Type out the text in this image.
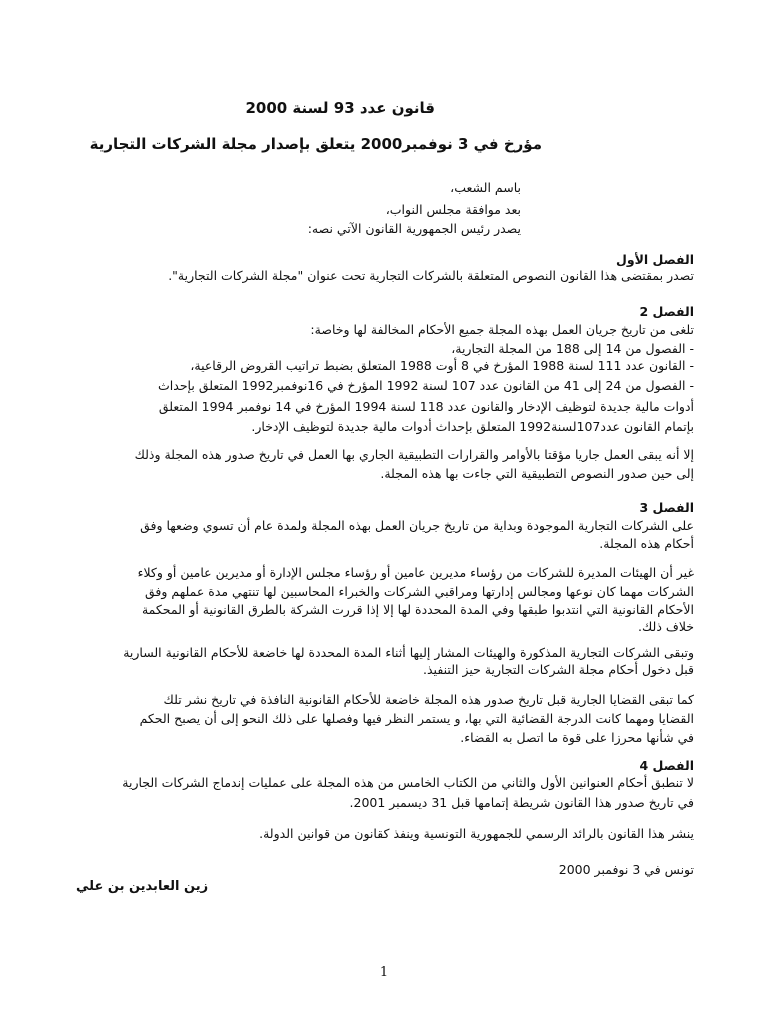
قانون عدد 93 لسنة 2000
مؤرخ في 3 نوفمبر2000 يتعلق بإصدار مجلة الشركات التجارية
باسم الشعب،
بعد موافقة مجلس النواب،
يصدر رئيس الجمهورية القانون الآتي نصه:
الفصل الأول
تصدر بمقتضى هذا القانون النصوص المتعلقة بالشركات التجارية تحت عنوان "مجلة الشركات التجارية".
الفصل 2
تلغى من تاريخ جريان العمل بهذه المجلة جميع الأحكام المخالفة لها وخاصة:
- الفصول من 14 إلى 188 من المجلة التجارية،
- القانون عدد 111 لسنة 1988 المؤرخ في 8 أوت 1988 المتعلق بضبط تراتيب القروض الرقاعية،
- الفصول من 24 إلى 41 من القانون عدد 107 لسنة 1992 المؤرخ في 16نوفمبر1992 المتعلق بإحداث
أدوات مالية جديدة لتوظيف الإدخار والقانون عدد 118 لسنة 1994 المؤرخ في 14 نوفمبر 1994 المتعلق
بإتمام القانون عدد107لسنة1992 المتعلق بإحداث أدوات مالية جديدة لتوظيف الإدخار.
إلا أنه يبقى العمل جاريا مؤقتا بالأوامر والقرارات التطبيقية الجاري بها العمل في تاريخ صدور هذه المجلة وذلك
إلى حين صدور النصوص التطبيقية التي جاءت بها هذه المجلة.
الفصل 3
على الشركات التجارية الموجودة وبداية من تاريخ جريان العمل بهذه المجلة ولمدة عام أن تسوي وضعها وفق
أحكام هذه المجلة.
غير أن الهيئات المديرة للشركات من رؤساء مديرين عامين أو رؤساء مجلس الإدارة أو مديرين عامين أو وكلاء
الشركات مهما كان نوعها ومجالس إدارتها ومراقبي الشركات والخبراء المحاسبين لها تنتهي مدة عملهم وفق
الأحكام القانونية التي انتدبوا طبقها وفي المدة المحددة لها إلا إذا قررت الشركة بالطرق القانونية أو المحكمة
خلاف ذلك.
وتبقى الشركات التجارية المذكورة والهيئات المشار إليها أثناء المدة المحددة لها خاضعة للأحكام القانونية السارية
قبل دخول أحكام مجلة الشركات التجارية حيز التنفيذ.
كما تبقى القضايا الجارية قبل تاريخ صدور هذه المجلة خاضعة للأحكام القانونية النافذة في تاريخ نشر تلك
القضايا ومهما كانت الدرجة القضائية التي بها، و يستمر النظر فيها وفصلها على ذلك النحو إلى أن يصبح الحكم
في شأنها محرزا على قوة ما اتصل به القضاء.
الفصل 4
لا تنطبق أحكام العنوانين الأول والثاني من الكتاب الخامس من هذه المجلة على عمليات إندماج الشركات الجارية
في تاريخ صدور هذا القانون شريطة إتمامها قبل 31 ديسمبر 2001.
ينشر هذا القانون بالرائد الرسمي للجمهورية التونسية وينفذ كقانون من قوانين الدولة.
تونس في 3 نوفمبر 2000
زين العابدين بن علي
1
